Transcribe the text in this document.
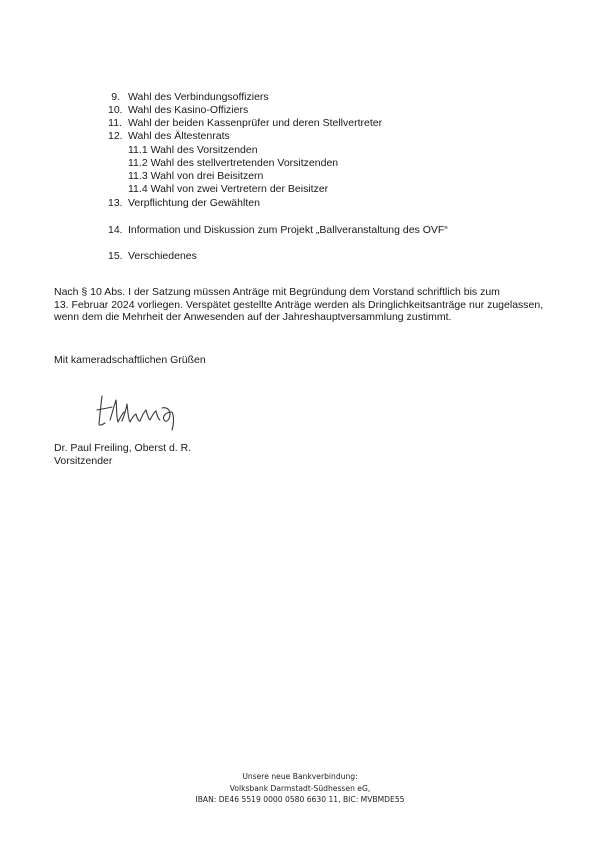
9. Wahl des Verbindungsoffiziers
10. Wahl des Kasino-Offiziers
11. Wahl der beiden Kassenprüfer und deren Stellvertreter
12. Wahl des Ältestenrats
11.1 Wahl des Vorsitzenden
11.2 Wahl des stellvertretenden Vorsitzenden
11.3 Wahl von drei Beisitzern
11.4 Wahl von zwei Vertretern der Beisitzer
13. Verpflichtung der Gewählten
14. Information und Diskussion zum Projekt „Ballveranstaltung des OVF“
15. Verschiedenes
Nach § 10 Abs. I der Satzung müssen Anträge mit Begründung dem Vorstand schriftlich bis zum
13. Februar 2024 vorliegen. Verspätet gestellte Anträge werden als Dringlichkeitsanträge nur zugelassen,
wenn dem die Mehrheit der Anwesenden auf der Jahreshauptversammlung zustimmt.
Mit kameradschaftlichen Grüßen
Dr. Paul Freiling, Oberst d. R.
Vorsitzender
Unsere neue Bankverbindung:
Volksbank Darmstadt-Südhessen eG,
IBAN: DE46 5519 0000 0580 6630 11, BIC: MVBMDE55
